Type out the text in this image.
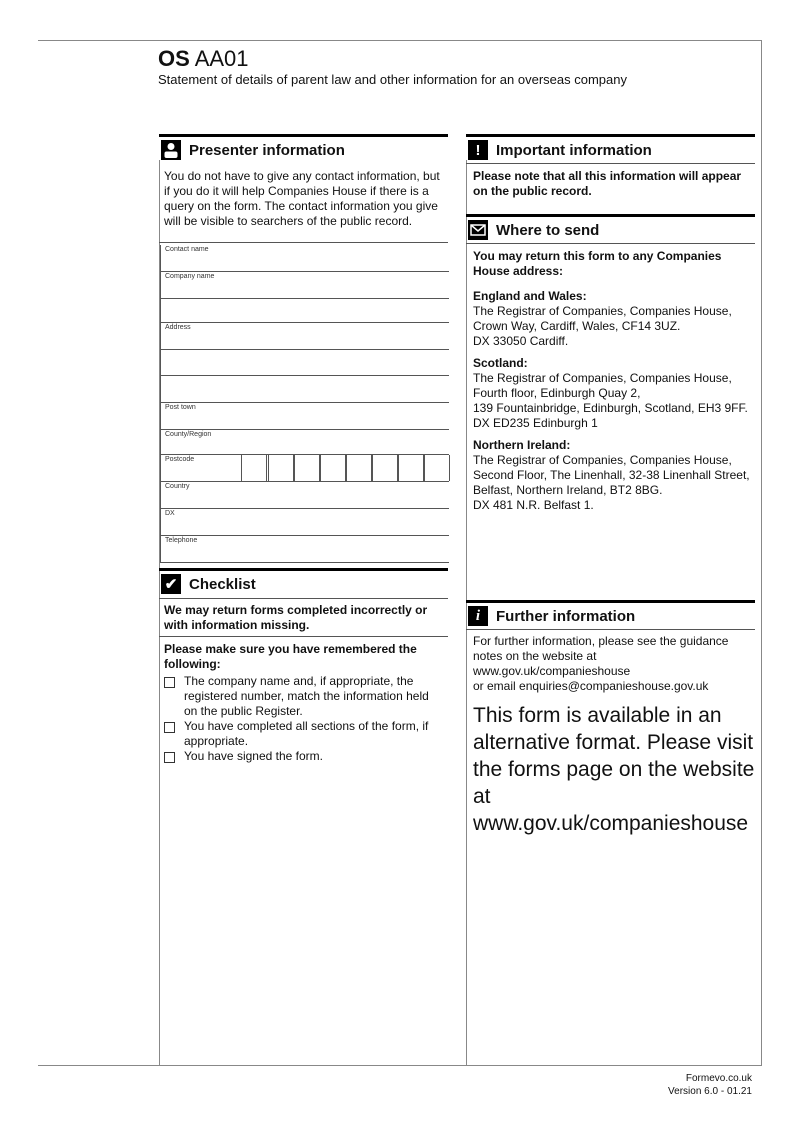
OS AA01
Statement of details of parent law and other information for an overseas company
Presenter information
You do not have to give any contact information, but if you do it will help Companies House if there is a query on the form. The contact information you give will be visible to searchers of the public record.
Contact name
Company name
Address
Post town
County/Region
Postcode
Country
DX
Telephone
✔ Checklist
We may return forms completed incorrectly or with information missing.
Please make sure you have remembered the following:
The company name and, if appropriate, the registered number, match the information held on the public Register.
You have completed all sections of the form, if appropriate.
You have signed the form.
!	Important information
Please note that all this information will appear on the public record.
Where to send
You may return this form to any Companies House address:
England and Wales:
The Registrar of Companies, Companies House, Crown Way, Cardiff, Wales, CF14 3UZ.
DX 33050 Cardiff.
Scotland:
The Registrar of Companies, Companies House, Fourth floor, Edinburgh Quay 2,
139 Fountainbridge, Edinburgh, Scotland, EH3 9FF.
DX ED235 Edinburgh 1
Northern Ireland:
The Registrar of Companies, Companies House, Second Floor, The Linenhall, 32-38 Linenhall Street, Belfast, Northern Ireland, BT2 8BG.
DX 481 N.R. Belfast 1.
i	Further information
For further information, please see the guidance notes on the website at www.gov.uk/companieshouse
or email enquiries@companieshouse.gov.uk
This form is available in an alternative format. Please visit the forms page on the website at www.gov.uk/companieshouse
Formevo.co.uk
Version 6.0 - 01.21
